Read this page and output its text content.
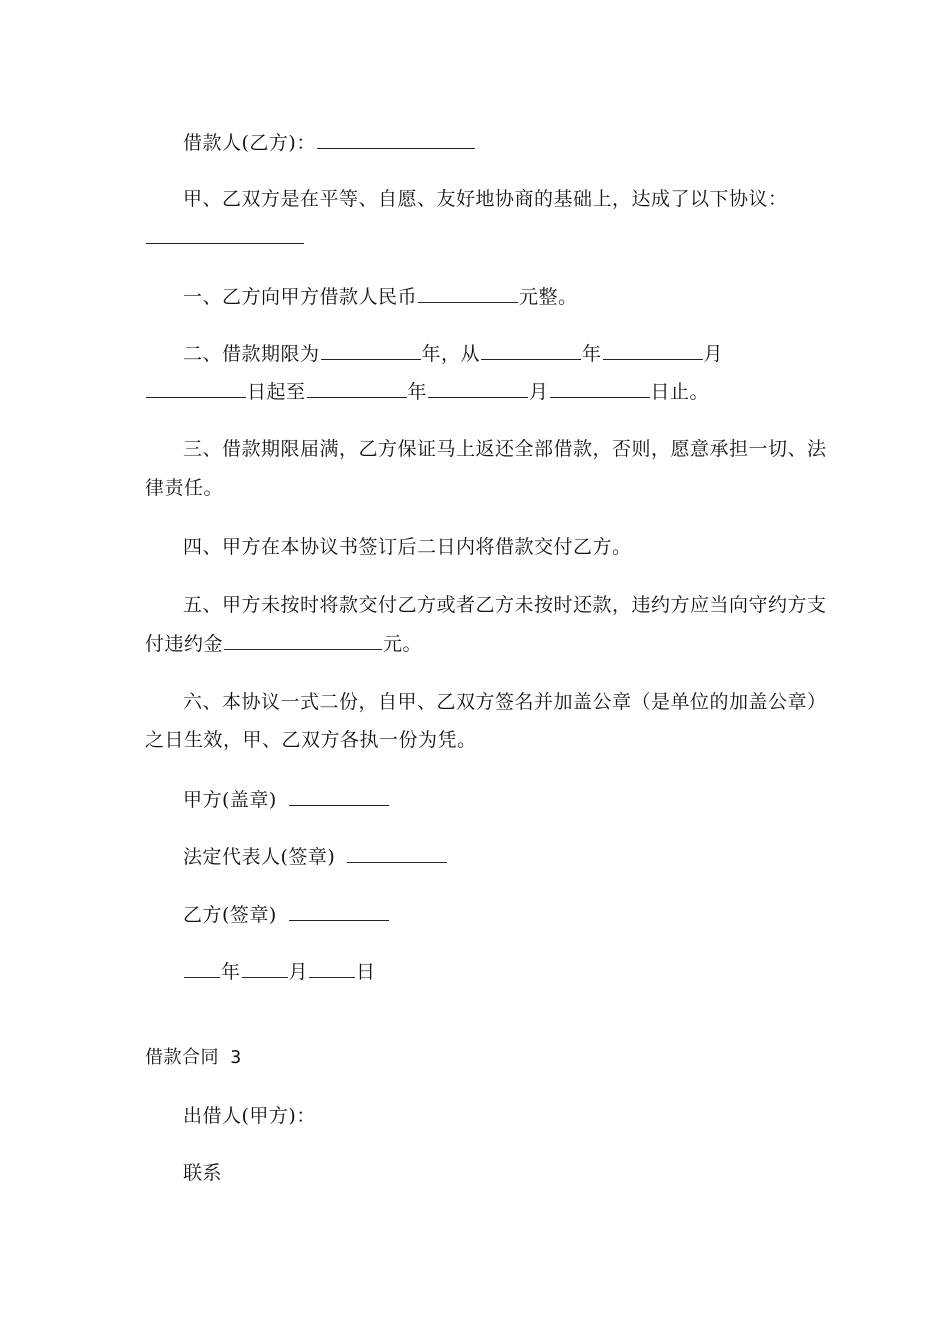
借款人(乙方)：
甲、乙双方是在平等、自愿、友好地协商的基础上，达成了以下协议：
一、乙方向甲方借款人民币	元整。
二、借款期限为	年，从	年	月
日起至	年	月	日止。
三、借款期限届满，乙方保证马上返还全部借款，否则，愿意承担一切、法
律责任。
四、甲方在本协议书签订后二日内将借款交付乙方。
五、甲方未按时将款交付乙方或者乙方未按时还款，违约方应当向守约方支
付违约金	元。
六、本协议一式二份，自甲、乙双方签名并加盖公章（是单位的加盖公章）
之日生效，甲、乙双方各执一份为凭。
甲方(盖章)
法定代表人(签章)
乙方(签章)
年	月	日
借款合同 3
出借人(甲方)：
联系
